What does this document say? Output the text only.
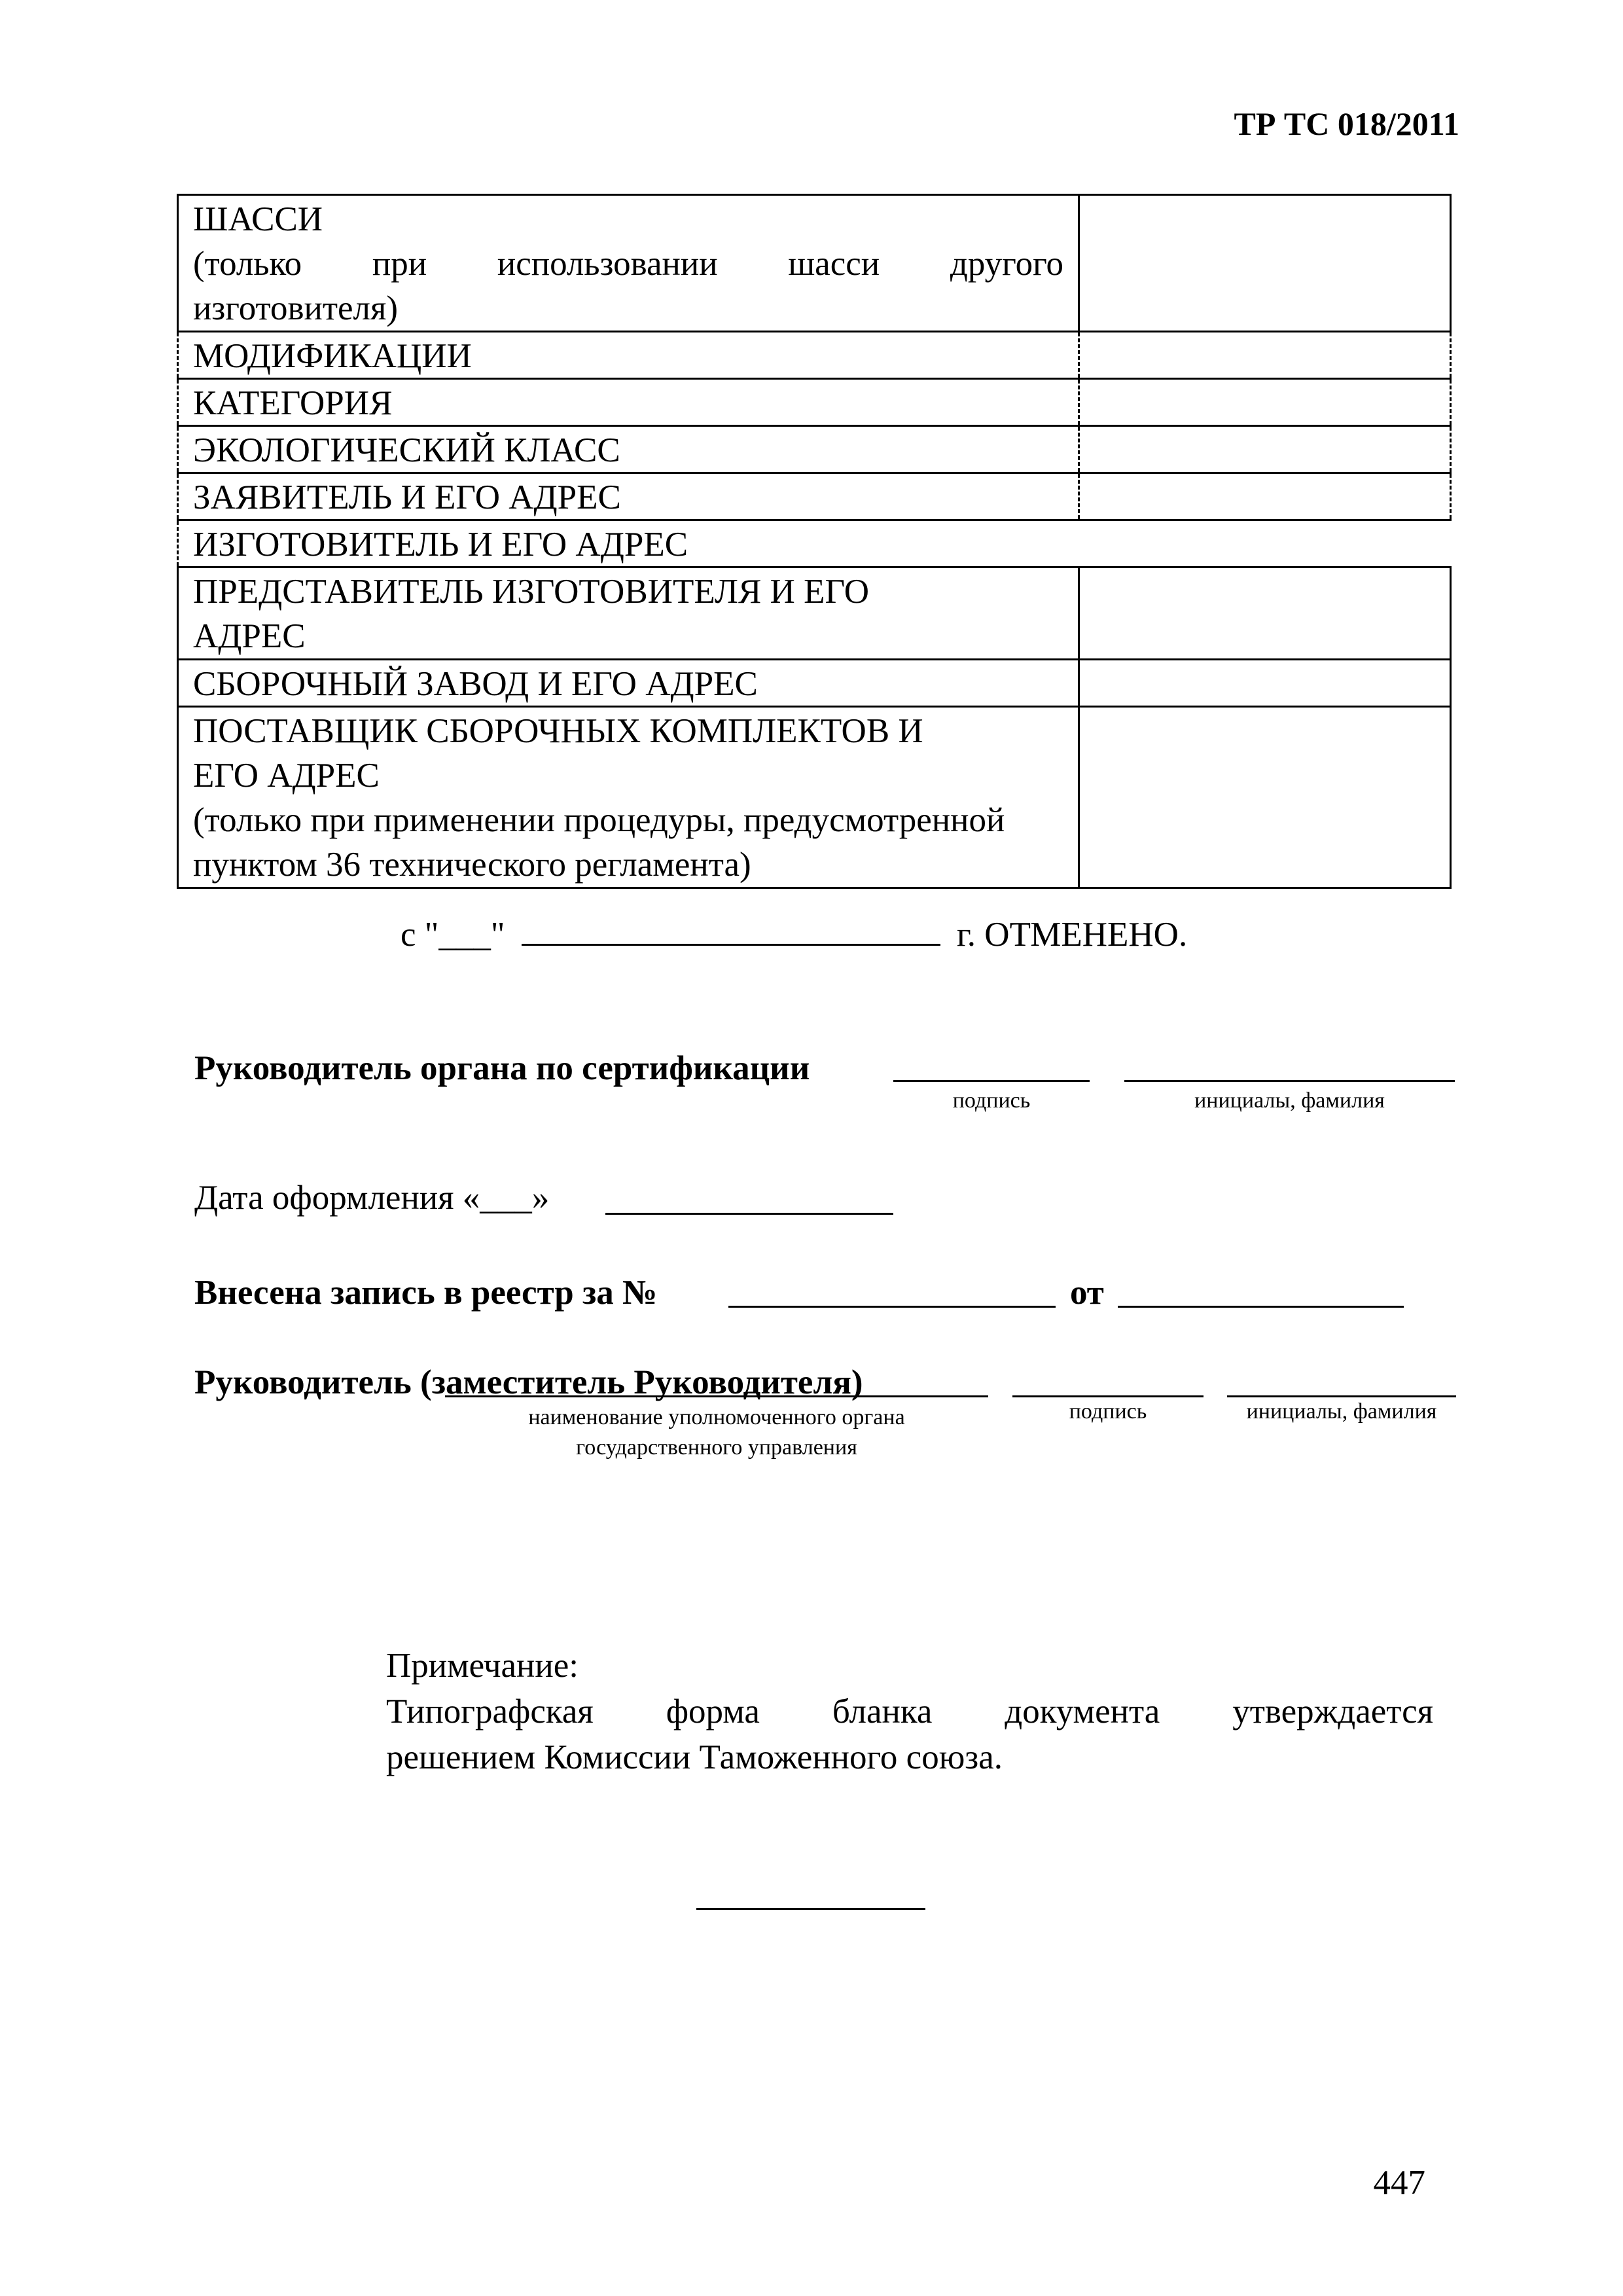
ТР ТС 018/2011
ШАССИ

(только при использовании шасси другого
изготовителя)
МОДИФИКАЦИИ
КАТЕГОРИЯ
ЭКОЛОГИЧЕСКИЙ КЛАСС
ЗАЯВИТЕЛЬ И ЕГО АДРЕС
ИЗГОТОВИТЕЛЬ И ЕГО АДРЕС
ПРЕДСТАВИТЕЛЬ ИЗГОТОВИТЕЛЯ И ЕГО
АДРЕС
СБОРОЧНЫЙ ЗАВОД И ЕГО АДРЕС
ПОСТАВЩИК СБОРОЧНЫХ КОМПЛЕКТОВ И
ЕГО АДРЕС
(только при применении процедуры, предусмотренной
пунктом 36 технического регламента)
с "___"	г. ОТМЕНЕНО.
Руководитель органа по сертификации
подпись	инициалы, фамилия
Дата оформления «___»
Внесена запись в реестр за №	от
Руководитель (заместитель Руководителя)
наименование уполномоченного органа
государственного управления
подпись	инициалы, фамилия
Примечание:

Типографская форма бланка документа утверждается
решением Комиссии Таможенного союза.
447
